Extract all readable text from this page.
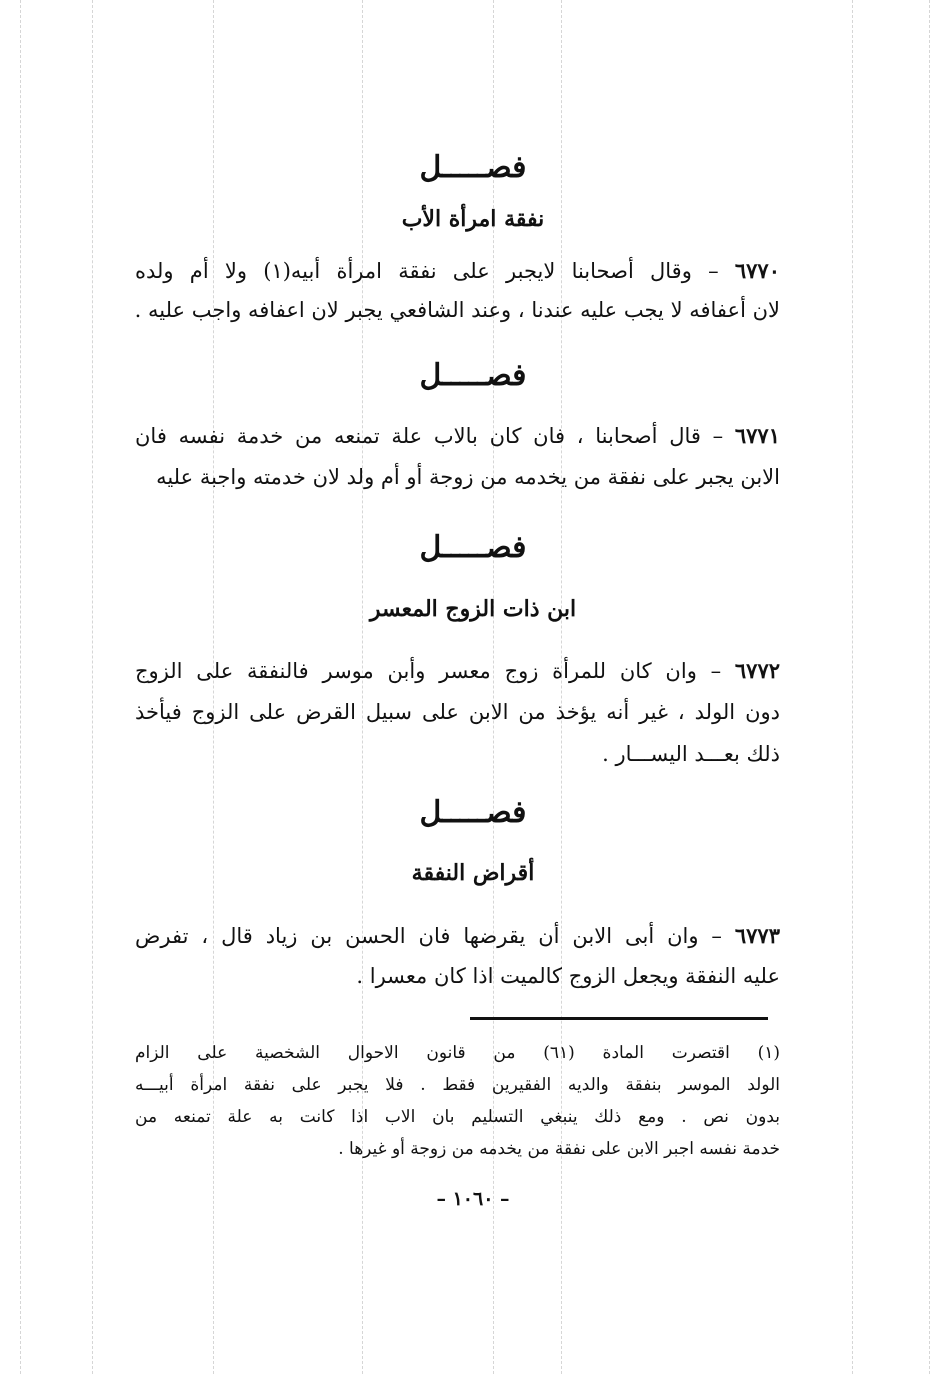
فصـــــل
نفقة امرأة الأب
٦٧٧٠ – وقال أصحابنا لايجبر على نفقة امرأة أبيه(١) ولا أم ولده
لان أعفافه لا يجب عليه عندنا ، وعند الشافعي يجبر لان اعفافه واجب عليه .
فصـــــل
٦٧٧١ – قال أصحابنا ، فان كان بالاب علة تمنعه من خدمة نفسه فان
الابن يجبر على نفقة من يخدمه من زوجة أو أم ولد لان خدمته واجبة عليه
فصـــــل
ابن ذات الزوج المعسر
٦٧٧٢ – وان كان للمرأة زوج معسر وأبن موسر فالنفقة على الزوج
دون الولد ، غير أنه يؤخذ من الابن على سبيل القرض على الزوج فيأخذ
ذلك بعـــد اليســـار .
فصـــــل
أقراض النفقة
٦٧٧٣ – وان أبى الابن أن يقرضها فان الحسن بن زياد قال ، تفرض
عليه النفقة ويجعل الزوج كالميت اذا كان معسرا .
(١) اقتصرت المادة (٦١) من قانون الاحوال الشخصية على الزام
الولد الموسر بنفقة والديه الفقيرين فقط . فلا يجبر على نفقة امرأة أبيـــه
بدون نص . ومع ذلك ينبغي التسليم بان الاب اذا كانت به علة تمنعه من
خدمة نفسه اجبر الابن على نفقة من يخدمه من زوجة أو غيرها .
– ١٠٦٠ –
